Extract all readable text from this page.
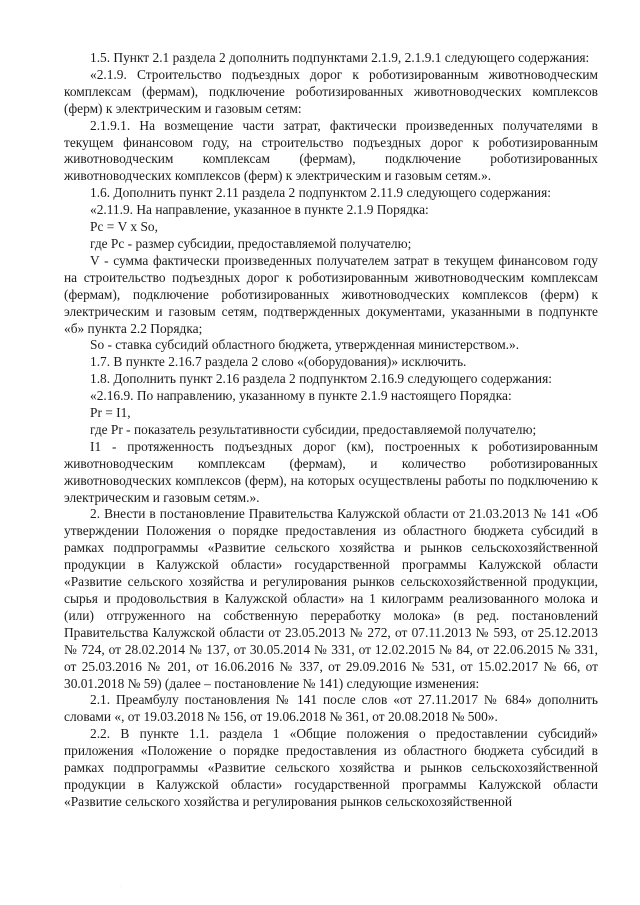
1.5. Пункт 2.1 раздела 2 дополнить подпунктами 2.1.9, 2.1.9.1 следующего содержания:

«2.1.9. Строительство подъездных дорог к роботизированным животноводческим комплексам (фермам), подключение роботизированных животноводческих комплексов (ферм) к электрическим и газовым сетям:

2.1.9.1. На возмещение части затрат, фактически произведенных получателями в текущем финансовом году, на строительство подъездных дорог к роботизированным животноводческим комплексам (фермам), подключение роботизированных животноводческих комплексов (ферм) к электрическим и газовым сетям.».

1.6. Дополнить пункт 2.11 раздела 2 подпунктом 2.11.9 следующего содержания:

«2.11.9. На направление, указанное в пункте 2.1.9 Порядка:

Рс = V x So,

где Рс - размер субсидии, предоставляемой получателю;

V - сумма фактически произведенных получателем затрат в текущем финансовом году на строительство подъездных дорог к роботизированным животноводческим комплексам (фермам), подключение роботизированных животноводческих комплексов (ферм) к электрическим и газовым сетям, подтвержденных документами, указанными в подпункте «б» пункта 2.2 Порядка;

So - ставка субсидий областного бюджета, утвержденная министерством.».

1.7. В пункте 2.16.7 раздела 2 слово «(оборудования)» исключить.

1.8. Дополнить пункт 2.16 раздела 2 подпунктом 2.16.9 следующего содержания:

«2.16.9. По направлению, указанному в пункте 2.1.9 настоящего Порядка:

Pr = I1,

где Pr - показатель результативности субсидии, предоставляемой получателю;

I1 - протяженность подъездных дорог (км), построенных к роботизированным животноводческим комплексам (фермам), и количество роботизированных животноводческих комплексов (ферм), на которых осуществлены работы по подключению к электрическим и газовым сетям.».

2. Внести в постановление Правительства Калужской области от 21.03.2013 № 141 «Об утверждении Положения о порядке предоставления из областного бюджета субсидий в рамках подпрограммы «Развитие сельского хозяйства и рынков сельскохозяйственной продукции в Калужской области» государственной программы Калужской области «Развитие сельского хозяйства и регулирования рынков сельскохозяйственной продукции, сырья и продовольствия в Калужской области» на 1 килограмм реализованного молока и (или) отгруженного на собственную переработку молока» (в ред. постановлений Правительства Калужской области от 23.05.2013 № 272, от 07.11.2013 № 593, от 25.12.2013 № 724, от 28.02.2014 № 137, от 30.05.2014 № 331, от 12.02.2015 № 84, от 22.06.2015 № 331, от 25.03.2016 № 201, от 16.06.2016 № 337, от 29.09.2016 № 531, от 15.02.2017 № 66, от 30.01.2018 № 59) (далее – постановление № 141) следующие изменения:

2.1. Преамбулу постановления № 141 после слов «от 27.11.2017 № 684» дополнить словами «, от 19.03.2018 № 156, от 19.06.2018 № 361, от 20.08.2018 № 500».

2.2. В пункте 1.1. раздела 1 «Общие положения о предоставлении субсидий» приложения «Положение о порядке предоставления из областного бюджета субсидий в рамках подпрограммы «Развитие сельского хозяйства и рынков сельскохозяйственной продукции в Калужской области» государственной программы Калужской области «Развитие сельского хозяйства и регулирования рынков сельскохозяйственной

·
